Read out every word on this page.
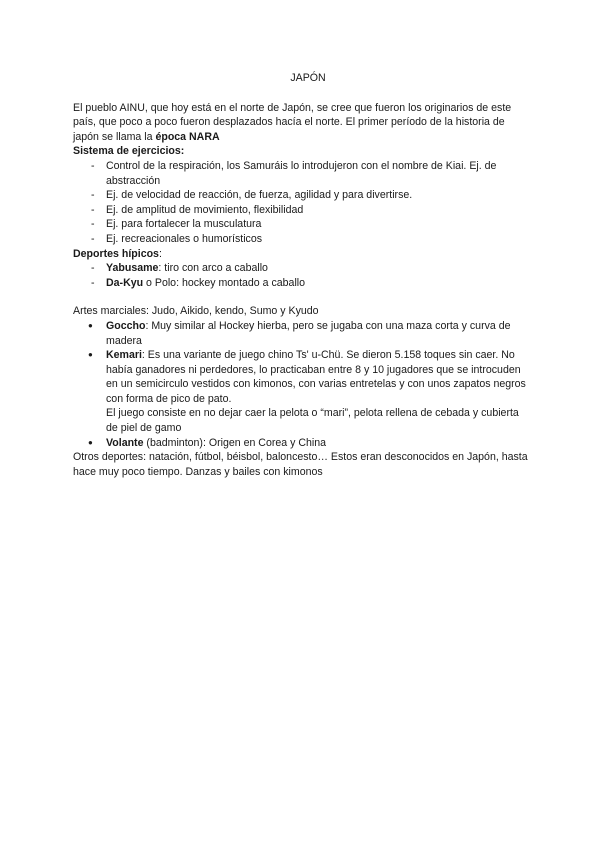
JAPÓN

El pueblo AINU, que hoy está en el norte de Japón, se cree que fueron los originarios de este país, que poco a poco fueron desplazados hacía el norte. El primer período de la historia de japón se llama la época NARA

Sistema de ejercicios:

- Control de la respiración, los Samuráis lo introdujeron con el nombre de Kiai. Ej. de abstracción
- Ej. de velocidad de reacción, de fuerza, agilidad y para divertirse.
- Ej. de amplitud de movimiento, flexibilidad
- Ej. para fortalecer la musculatura
- Ej. recreacionales o humorísticos

Deportes hípicos:

- Yabusame: tiro con arco a caballo
- Da-Kyu o Polo: hockey montado a caballo

Artes marciales: Judo, Aikido, kendo, Sumo y Kyudo

● Goccho: Muy similar al Hockey hierba, pero se jugaba con una maza corta y curva de madera
● Kemari: Es una variante de juego chino Ts' u-Chü. Se dieron 5.158 toques sin caer. No había ganadores ni perdedores, lo practicaban entre 8 y 10 jugadores que se introcuden en un semicirculo vestidos con kimonos, con varias entretelas y con unos zapatos negros con forma de pico de pato.
El juego consiste en no dejar caer la pelota o “mari”, pelota rellena de cebada y cubierta de piel de gamo
● Volante (badminton): Origen en Corea y China

Otros deportes: natación, fútbol, béisbol, baloncesto… Estos eran desconocidos en Japón, hasta hace muy poco tiempo. Danzas y bailes con kimonos
